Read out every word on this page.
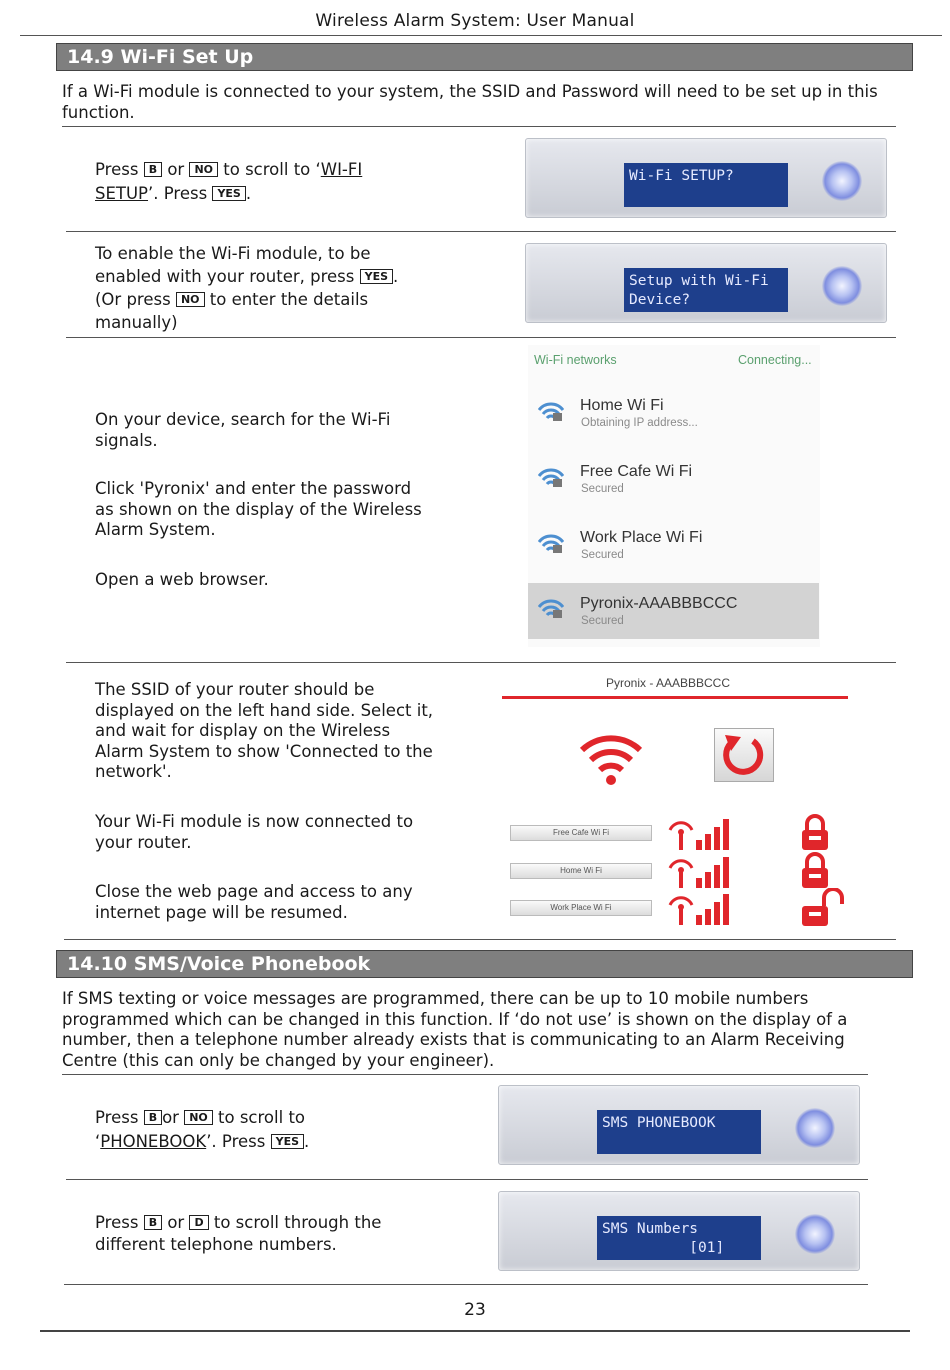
Wireless Alarm System: User Manual
14.9 Wi-Fi Set Up
If a Wi-Fi module is connected to your system, the SSID and Password will need to be set up in this function.
Press B or NO to scroll to ‘WI-FI SETUP’. Press YES .
Wi-Fi SETUP?
To enable the Wi-Fi module, to be enabled with your router, press YES .
(Or press NO to enter the details manually)
Setup with Wi-Fi
Device?
On your device, search for the Wi-Fi signals.
Click 'Pyronix' and enter the password as shown on the display of the Wireless Alarm System.
Open a web browser.
Wi-Fi networks	Connecting...
Home Wi Fi
Obtaining IP address...
Free Cafe Wi Fi
Secured
Work Place Wi Fi
Secured
Pyronix-AAABBBCCC
Secured
The SSID of your router should be displayed on the left hand side. Select it, and wait for display on the Wireless Alarm System to show 'Connected to the network'.
Your Wi-Fi module is now connected to your router.
Close the web page and access to any internet page will be resumed.
Pyronix - AAABBBCCC
Free Cafe Wi Fi
Home Wi Fi
Work Place Wi Fi
14.10 SMS/Voice Phonebook
If SMS texting or voice messages are programmed, there can be up to 10 mobile numbers programmed which can be changed in this function. If ‘do not use’ is shown on the display of a number, then a telephone number already exists that is communicating to an Alarm Receiving Centre (this can only be changed by your engineer).
Press B or NO to scroll to
‘PHONEBOOK’. Press YES .
SMS PHONEBOOK
Press B or D to scroll through the different telephone numbers.
SMS Numbers
[01]
23
